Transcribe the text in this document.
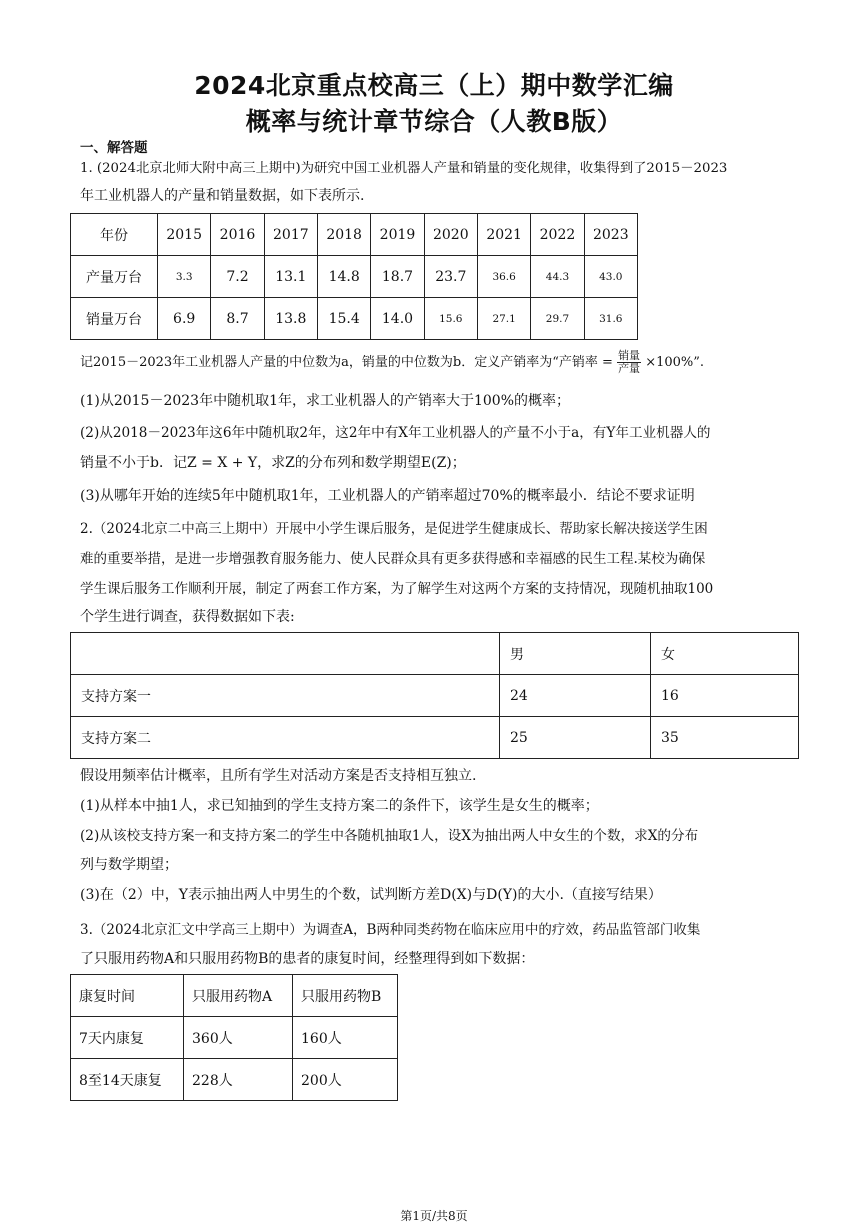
2024北京重点校高三（上）期中数学汇编
概率与统计章节综合（人教B版）
一、解答题
1. (2024北京北师大附中高三上期中)为研究中国工业机器人产量和销量的变化规律，收集得到了2015－2023
年工业机器人的产量和销量数据，如下表所示.
年份	2015	2016	2017	2018	2019	2020	2021	2022	2023
产量万台	3.3	7.2	13.1	14.8	18.7	23.7	36.6	44.3	43.0
销量万台	6.9	8.7	13.8	15.4	14.0	15.6	27.1	29.7	31.6
记2015－2023年工业机器人产量的中位数为a，销量的中位数为b．定义产销率为“产销率 = $\frac{\text{销量}}{\text{产量}} \times 100\%$”.
(1)从2015－2023年中随机取1年，求工业机器人的产销率大于100%的概率；
(2)从2018－2023年这6年中随机取2年，这2年中有X年工业机器人的产量不小于a，有Y年工业机器人的
销量不小于b．记Z = X + Y，求Z的分布列和数学期望E(Z)；
(3)从哪年开始的连续5年中随机取1年，工业机器人的产销率超过70%的概率最小．结论不要求证明
2.（2024北京二中高三上期中）开展中小学生课后服务，是促进学生健康成长、帮助家长解决接送学生困
难的重要举措，是进一步增强教育服务能力、使人民群众具有更多获得感和幸福感的民生工程.某校为确保
学生课后服务工作顺利开展，制定了两套工作方案，为了解学生对这两个方案的支持情况，现随机抽取100
个学生进行调查，获得数据如下表:
	男	女
支持方案一	24	16
支持方案二	25	35
假设用频率估计概率，且所有学生对活动方案是否支持相互独立.
(1)从样本中抽1人，求已知抽到的学生支持方案二的条件下，该学生是女生的概率；
(2)从该校支持方案一和支持方案二的学生中各随机抽取1人，设X为抽出两人中女生的个数，求X的分布
列与数学期望；
(3)在（2）中，Y表示抽出两人中男生的个数，试判断方差D(X)与D(Y)的大小.（直接写结果）
3.（2024北京汇文中学高三上期中）为调查A，B两种同类药物在临床应用中的疗效，药品监管部门收集
了只服用药物A和只服用药物B的患者的康复时间，经整理得到如下数据：
康复时间	只服用药物A	只服用药物B
7天内康复	360人	160人
8至14天康复	228人	200人
第1页/共8页
